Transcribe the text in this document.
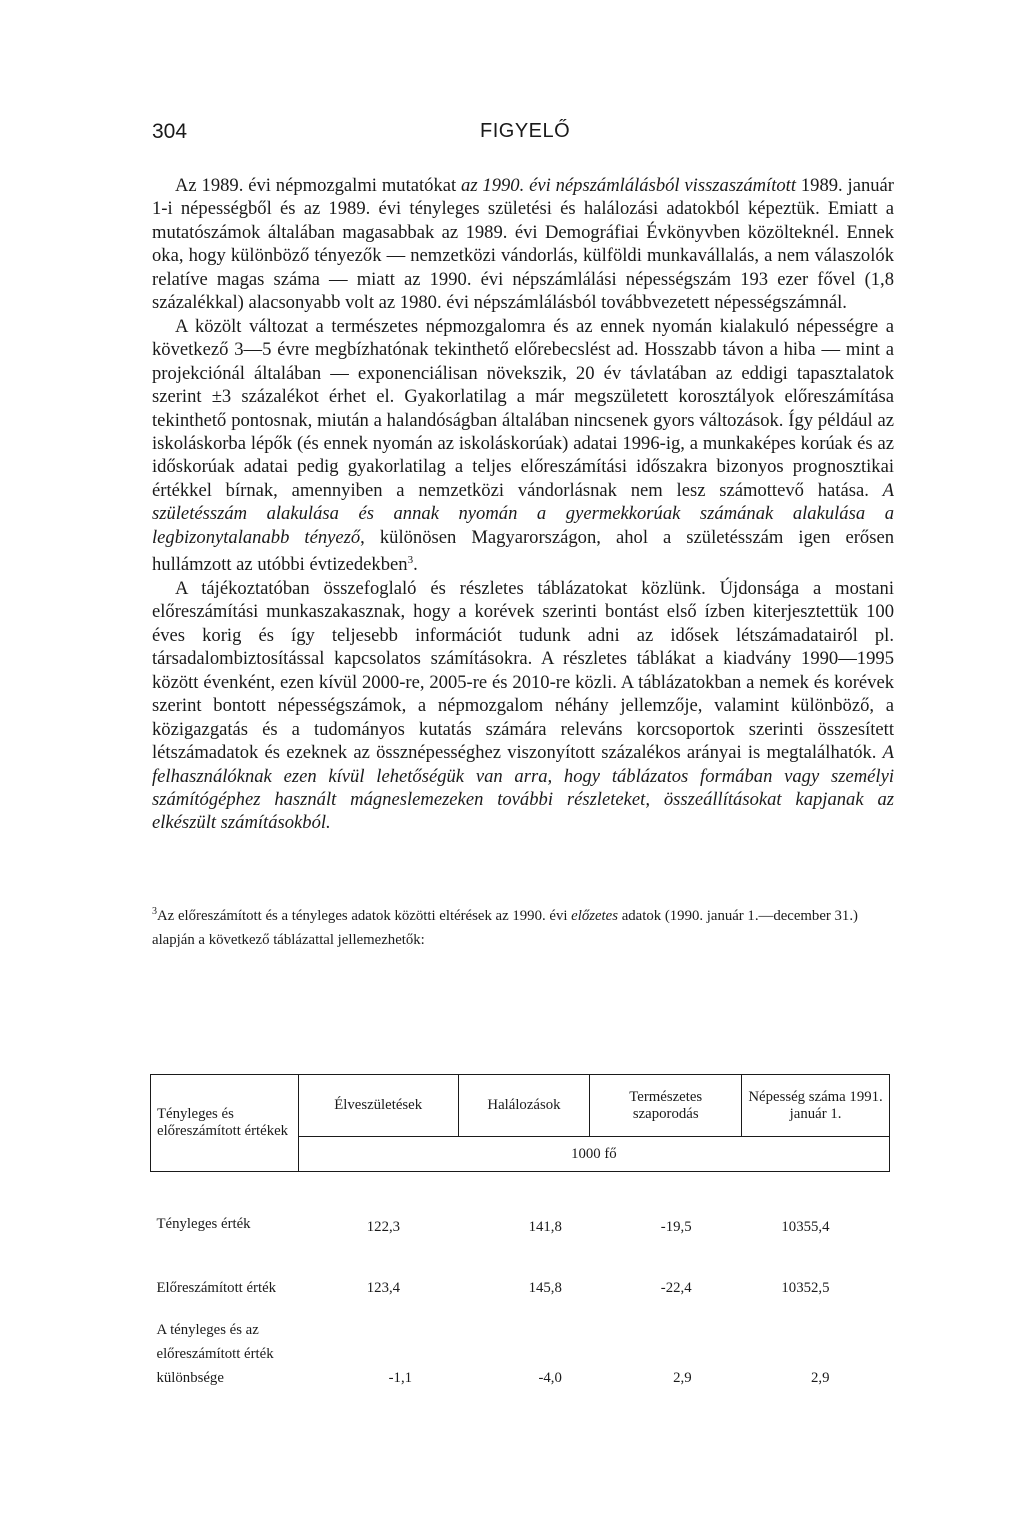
304	FIGYELŐ

Az 1989. évi népmozgalmi mutatókat az 1990. évi népszámlálásból visszaszámított 1989. január 1-i népességből és az 1989. évi tényleges születési és halálozási adatokból képeztük. Emiatt a mutatószámok általában magasabbak az 1989. évi Demográfiai Évkönyvben közölteknél. Ennek oka, hogy különböző tényezők — nemzetközi vándorlás, külföldi munkavállalás, a nem válaszolók relatíve magas száma — miatt az 1990. évi népszámlálási népességszám 193 ezer fővel (1,8 százalékkal) alacsonyabb volt az 1980. évi népszámlálásból továbbvezetett népességszámnál.

A közölt változat a természetes népmozgalomra és az ennek nyomán kialakuló népességre a következő 3—5 évre megbízhatónak tekinthető előrebecslést ad. Hosszabb távon a hiba — mint a projekciónál általában — exponenciálisan növekszik, 20 év távlatában az eddigi tapasztalatok szerint ±3 százalékot érhet el. Gyakorlatilag a már megszületett korosztályok előreszámítása tekinthető pontosnak, miután a halandóságban általában nincsenek gyors változások. Így például az iskoláskorba lépők (és ennek nyomán az iskoláskorúak) adatai 1996-ig, a munkaképes korúak és az időskorúak adatai pedig gyakorlatilag a teljes előreszámítási időszakra bizonyos prognosztikai értékkel bírnak, amennyiben a nemzetközi vándorlásnak nem lesz számottevő hatása. A születésszám alakulása és annak nyomán a gyermekkorúak számának alakulása a legbizonytalanabb tényező, különösen Magyarországon, ahol a születésszám igen erősen hullámzott az utóbbi évtizedekben$^3$.

A tájékoztatóban összefoglaló és részletes táblázatokat közlünk. Újdonsága a mostani előreszámítási munkaszakasznak, hogy a korévek szerinti bontást első ízben kiterjesztettük 100 éves korig és így teljesebb információt tudunk adni az idősek létszámadatairól pl. társadalombiztosítással kapcsolatos számításokra. A részletes táblákat a kiadvány 1990—1995 között évenként, ezen kívül 2000-re, 2005-re és 2010-re közli. A táblázatokban a nemek és korévek szerint bontott népességszámok, a népmozgalom néhány jellemzője, valamint különböző, a közigazgatás és a tudományos kutatás számára releváns korcsoportok szerinti összesített létszámadatok és ezeknek az össznépességhez viszonyított százalékos arányai is megtalálhatók. A felhasználóknak ezen kívül lehetőségük van arra, hogy táblázatos formában vagy személyi számítógéphez használt mágneslemezeken további részleteket, összeállításokat kapjanak az elkészült számításokból.

$^3$Az előreszámított és a tényleges adatok közötti eltérések az 1990. évi előzetes adatok (1990. január 1.—december 31.) alapján a következő táblázattal jellemezhetők:
Tényleges és előreszámított értékek	Élveszületések	Halálozások	Természetes szaporodás	Népesség száma 1991. január 1.
	1000 fő			

Tényleges érték	122,3	141,8	-19,5	10355,4

Előreszámított érték	123,4	145,8	-22,4	10352,5

A tényleges és az előreszámított érték különbsége	-1,1	-4,0	2,9	2,9
